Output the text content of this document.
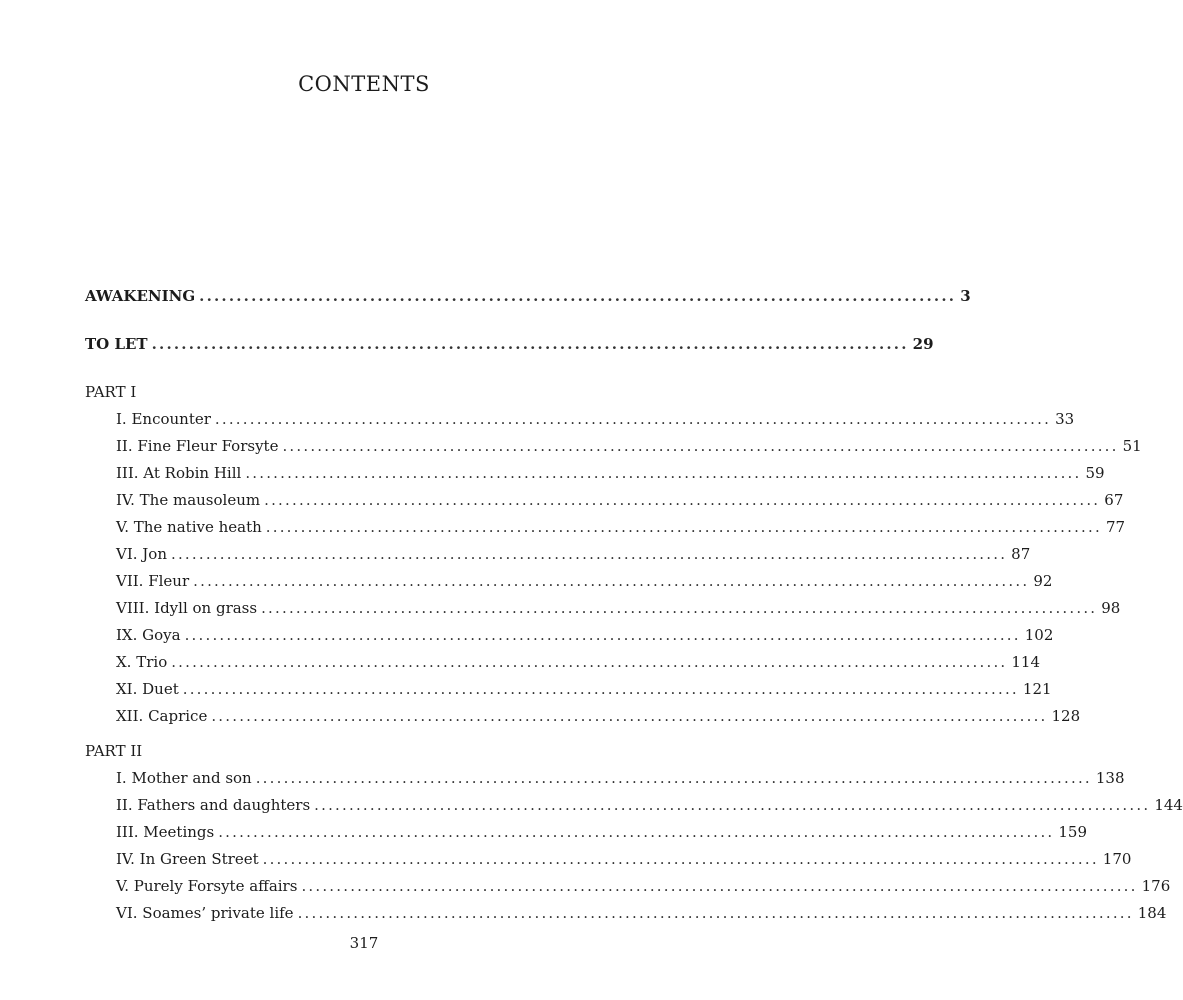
CONTENTS
AWAKENING ...................................................................................................... 3
TO LET ...................................................................................................... 29
PART I
I. Encounter ........................................................................................................................ 33
II. Fine Fleur Forsyte ........................................................................................................................ 51
III. At Robin Hill ........................................................................................................................ 59
IV. The mausoleum ........................................................................................................................ 67
V. The native heath ........................................................................................................................ 77
VI. Jon ........................................................................................................................ 87
VII. Fleur ........................................................................................................................ 92
VIII. Idyll on grass ........................................................................................................................ 98
IX. Goya ........................................................................................................................ 102
X. Trio ........................................................................................................................ 114
XI. Duet ........................................................................................................................ 121
XII. Caprice ........................................................................................................................ 128
PART II
I. Mother and son ........................................................................................................................ 138
II. Fathers and daughters ........................................................................................................................ 144
III. Meetings ........................................................................................................................ 159
IV. In Green Street ........................................................................................................................ 170
V. Purely Forsyte affairs ........................................................................................................................ 176
VI. Soames’ private life ........................................................................................................................ 184
317
